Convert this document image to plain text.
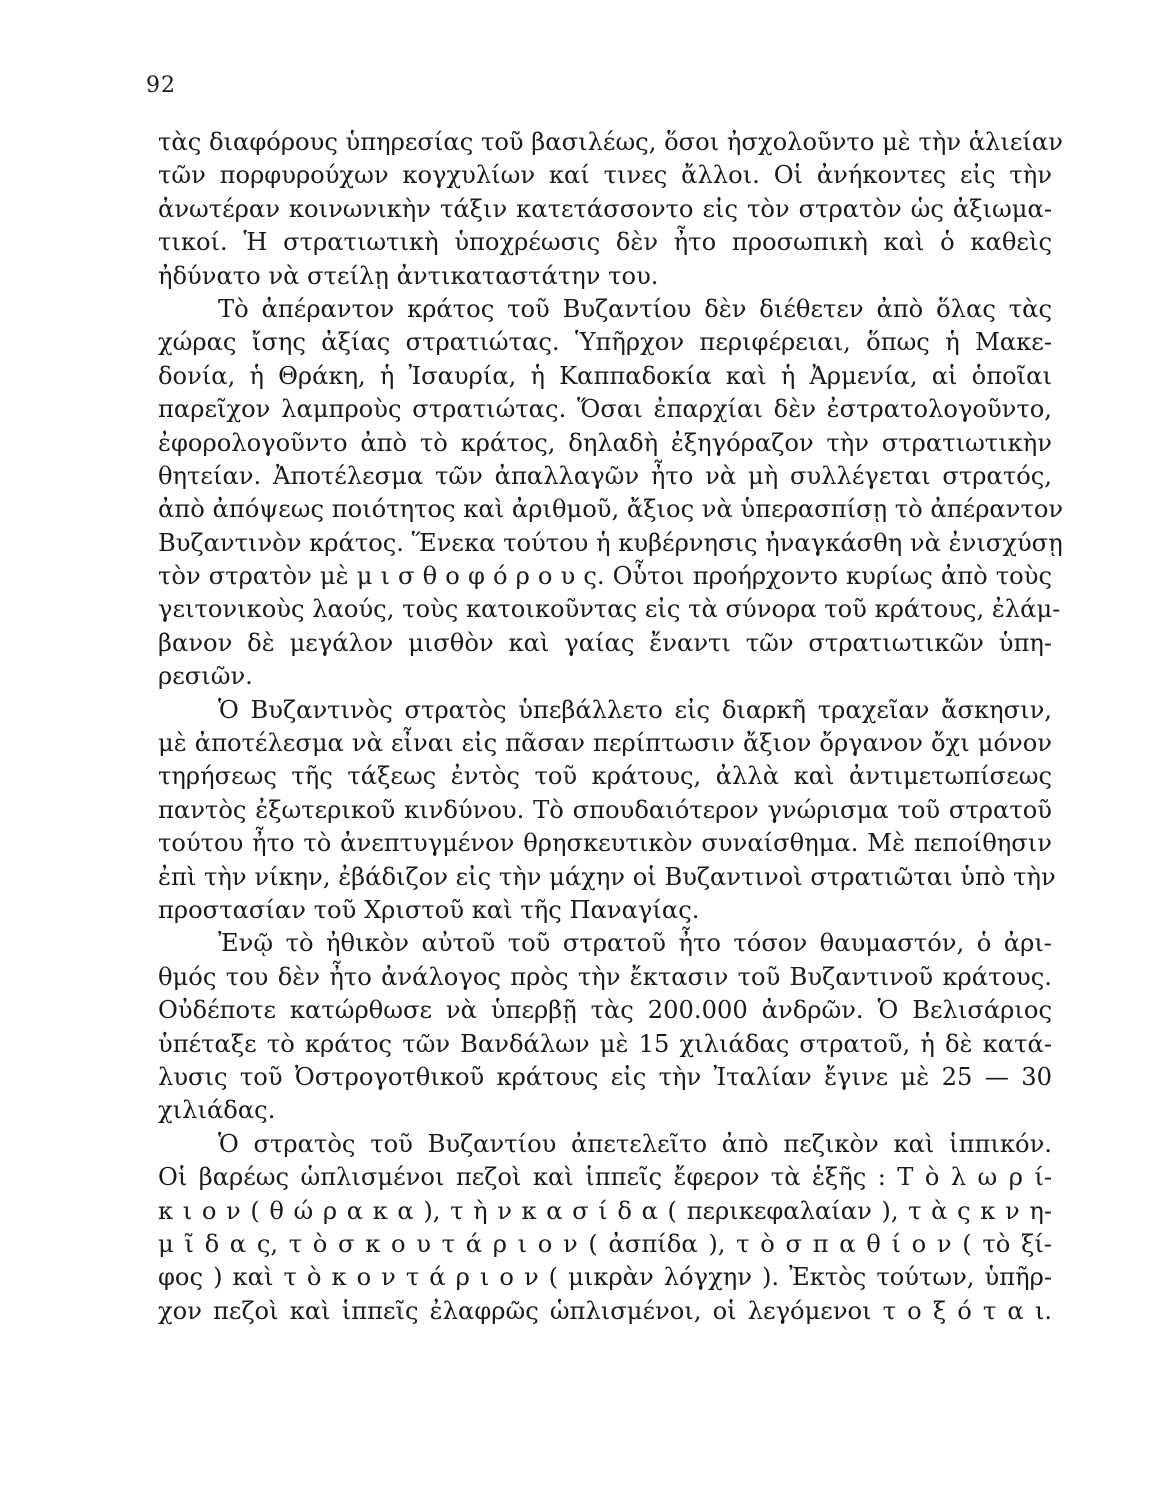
92
τὰς διαφόρους ὑπηρεσίας τοῦ βασιλέως, ὅσοι ἠσχολοῦντο μὲ τὴν ἁλιείαν
τῶν πορφυρούχων κογχυλίων καί τινες ἄλλοι. Οἱ ἀνήκοντες εἰς τὴν
ἀνωτέραν κοινωνικὴν τάξιν κατετάσσοντο εἰς τὸν στρατὸν ὡς ἀξιωμα-
τικοί. Ἡ στρατιωτικὴ ὑποχρέωσις δὲν ἦτο προσωπικὴ καὶ ὁ καθεὶς
ἠδύνατο νὰ στείλῃ ἀντικαταστάτην του.
Τὸ ἀπέραντον κράτος τοῦ Βυζαντίου δὲν διέθετεν ἀπὸ ὅλας τὰς
χώρας ἴσης ἀξίας στρατιώτας. Ὑπῆρχον περιφέρειαι, ὅπως ἡ Μακε-
δονία, ἡ Θράκη, ἡ Ἰσαυρία, ἡ Καππαδοκία καὶ ἡ Ἀρμενία, αἱ ὁποῖαι
παρεῖχον λαμπροὺς στρατιώτας. Ὅσαι ἐπαρχίαι δὲν ἐστρατολογοῦντο,
ἐφορολογοῦντο ἀπὸ τὸ κράτος, δηλαδὴ ἐξηγόραζον τὴν στρατιωτικὴν
θητείαν. Ἀποτέλεσμα τῶν ἀπαλλαγῶν ἦτο νὰ μὴ συλλέγεται στρατός,
ἀπὸ ἀπόψεως ποιότητος καὶ ἀριθμοῦ, ἄξιος νὰ ὑπερασπίσῃ τὸ ἀπέραντον
Βυζαντινὸν κράτος. Ἕνεκα τούτου ἡ κυβέρνησις ἠναγκάσθη νὰ ἐνισχύσῃ
τὸν στρατὸν μὲ μ ι σ θ ο φ ό ρ ο υ ς. Οὗτοι προήρχοντο κυρίως ἀπὸ τοὺς
γειτονικοὺς λαούς, τοὺς κατοικοῦντας εἰς τὰ σύνορα τοῦ κράτους, ἐλάμ-
βανον δὲ μεγάλον μισθὸν καὶ γαίας ἔναντι τῶν στρατιωτικῶν ὑπη-
ρεσιῶν.
Ὁ Βυζαντινὸς στρατὸς ὑπεβάλλετο εἰς διαρκῆ τραχεῖαν ἄσκησιν,
μὲ ἀποτέλεσμα νὰ εἶναι εἰς πᾶσαν περίπτωσιν ἄξιον ὄργανον ὄχι μόνον
τηρήσεως τῆς τάξεως ἐντὸς τοῦ κράτους, ἀλλὰ καὶ ἀντιμετωπίσεως
παντὸς ἐξωτερικοῦ κινδύνου. Τὸ σπουδαιότερον γνώρισμα τοῦ στρατοῦ
τούτου ἦτο τὸ ἀνεπτυγμένον θρησκευτικὸν συναίσθημα. Μὲ πεποίθησιν
ἐπὶ τὴν νίκην, ἐβάδιζον εἰς τὴν μάχην οἱ Βυζαντινοὶ στρατιῶται ὑπὸ τὴν
προστασίαν τοῦ Χριστοῦ καὶ τῆς Παναγίας.
Ἐνῷ τὸ ἠθικὸν αὐτοῦ τοῦ στρατοῦ ἦτο τόσον θαυμαστόν, ὁ ἀρι-
θμός του δὲν ἦτο ἀνάλογος πρὸς τὴν ἔκτασιν τοῦ Βυζαντινοῦ κράτους.
Οὐδέποτε κατώρθωσε νὰ ὑπερβῇ τὰς 200.000 ἀνδρῶν. Ὁ Βελισάριος
ὑπέταξε τὸ κράτος τῶν Βανδάλων μὲ 15 χιλιάδας στρατοῦ, ἡ δὲ κατά-
λυσις τοῦ Ὀστρογοτθικοῦ κράτους εἰς τὴν Ἰταλίαν ἔγινε μὲ 25 — 30
χιλιάδας.
Ὁ στρατὸς τοῦ Βυζαντίου ἀπετελεῖτο ἀπὸ πεζικὸν καὶ ἱππικόν.
Οἱ βαρέως ὡπλισμένοι πεζοὶ καὶ ἱππεῖς ἔφερον τὰ ἑξῆς : Τ ὸ λ ω ρ ί-
κ ι ο ν ( θ ώ ρ α κ α ), τ ὴ ν κ α σ ί δ α ( περικεφαλαίαν ), τ ὰ ς κ ν η-
μ ῖ δ α ς, τ ὸ σ κ ο υ τ ά ρ ι ο ν ( ἀσπίδα ), τ ὸ σ π α θ ί ο ν ( τὸ ξί-
φος ) καὶ τ ὸ κ ο ν τ ά ρ ι ο ν ( μικρὰν λόγχην ). Ἐκτὸς τούτων, ὑπῆρ-
χον πεζοὶ καὶ ἱππεῖς ἐλαφρῶς ὡπλισμένοι, οἱ λεγόμενοι τ ο ξ ό τ α ι.
